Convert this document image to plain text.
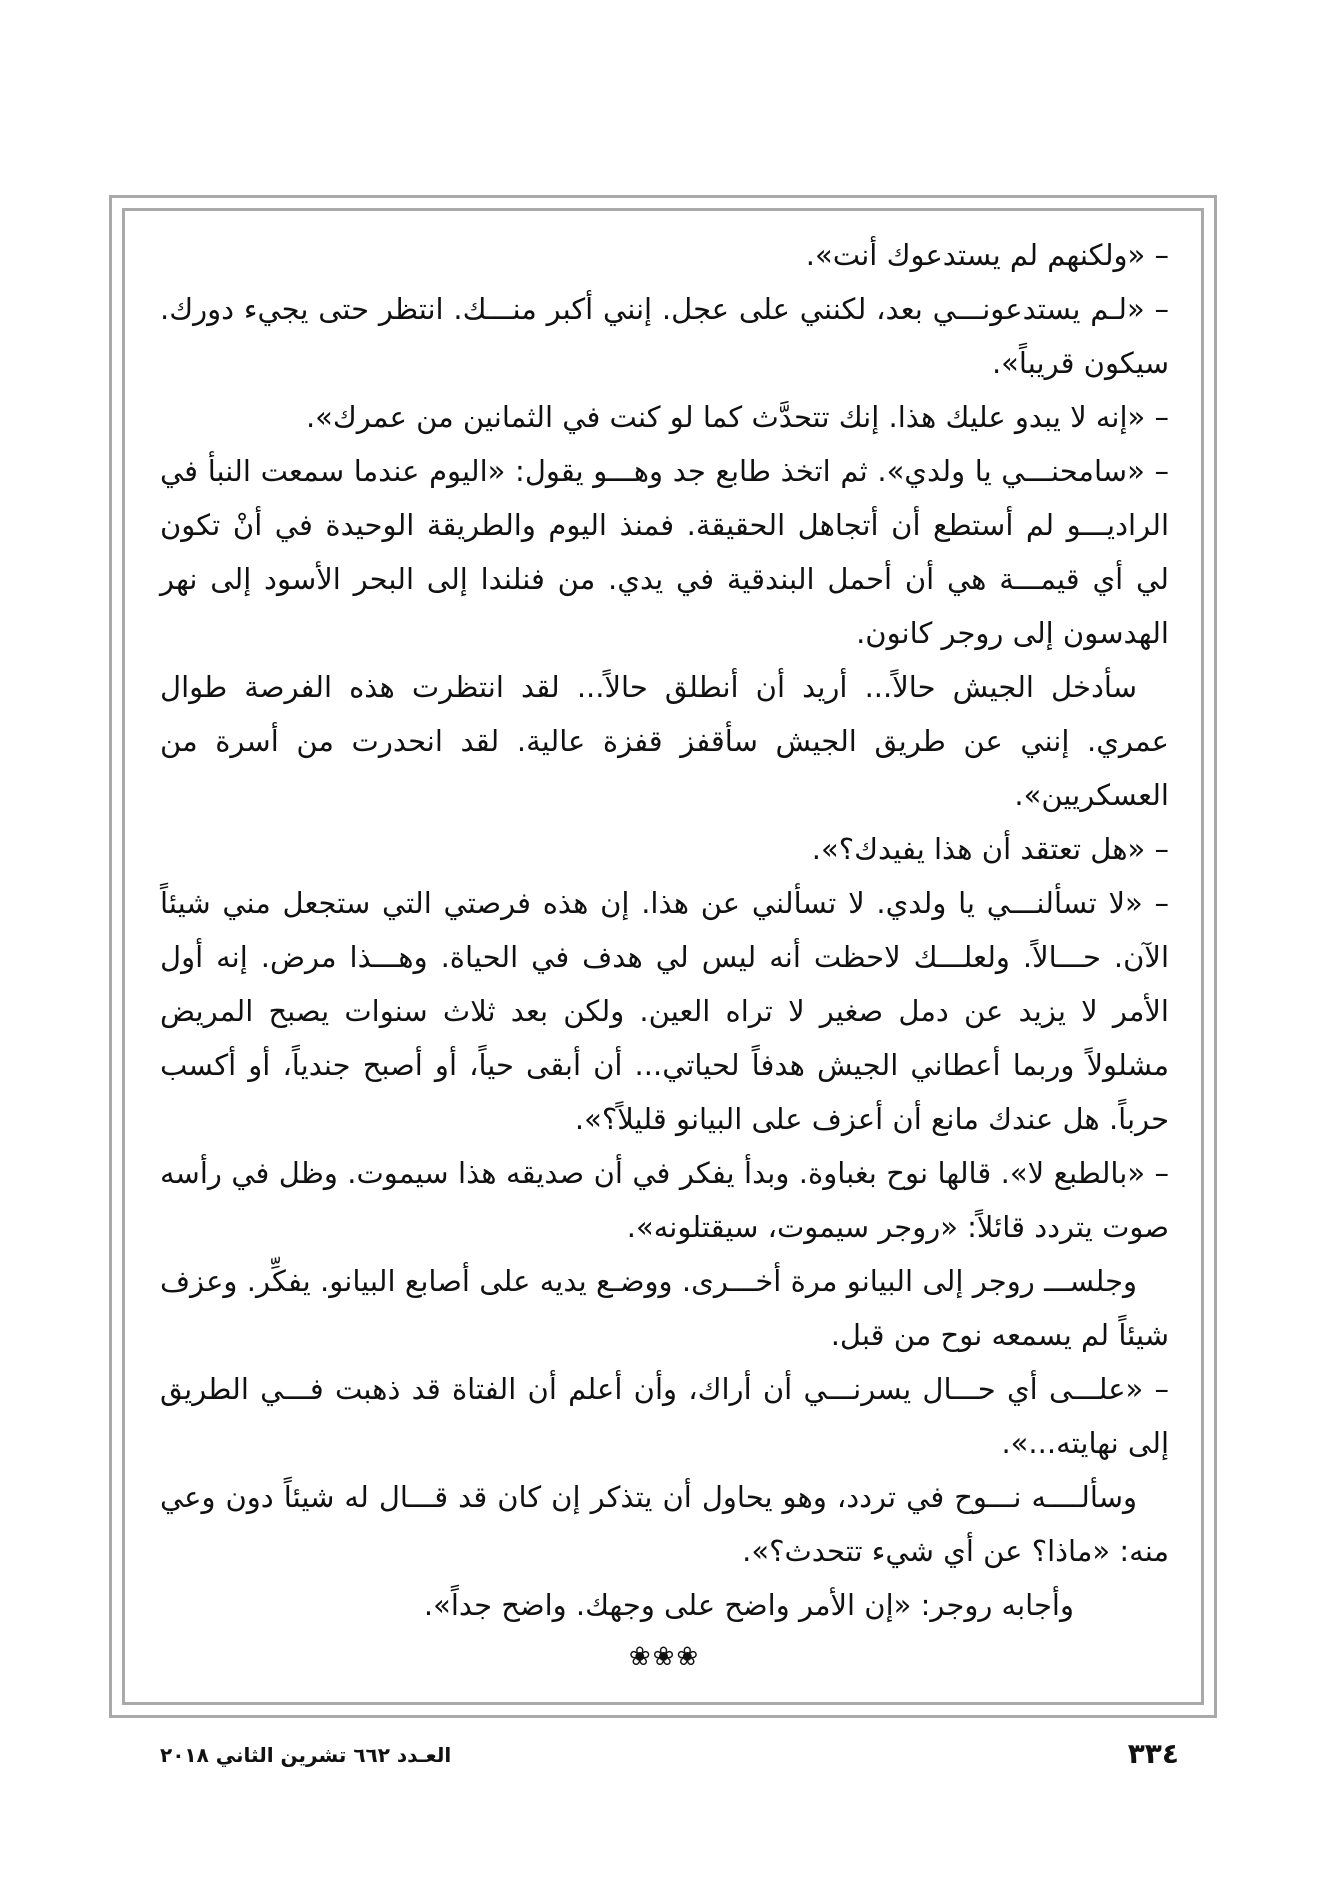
– «ولكنهم لم يستدعوك أنت».

– «لـم يستدعونـــي بعد، لكنني على عجل. إنني أكبر منـــك. انتظر حتى يجيء دورك. سيكون قريباً».

– «إنه لا يبدو عليك هذا. إنك تتحدَّث كما لو كنت في الثمانين من عمرك».

– «سامحنـــي يا ولدي». ثم اتخذ طابع جد وهـــو يقول: «اليوم عندما سمعت النبأ في الراديـــو لم أستطع أن أتجاهل الحقيقة. فمنذ اليوم والطريقة الوحيدة في أنْ تكون لي أي قيمـــة هي أن أحمل البندقية في يدي. من فنلندا إلى البحر الأسود إلى نهر الهدسون إلى روجر كانون.

سأدخل الجيش حالاً... أريد أن أنطلق حالاً... لقد انتظرت هذه الفرصة طوال عمري. إنني عن طريق الجيش سأقفز قفزة عالية. لقد انحدرت من أسرة من العسكريين».

– «هل تعتقد أن هذا يفيدك؟».

– «لا تسألنـــي يا ولدي. لا تسألني عن هذا. إن هذه فرصتي التي ستجعل مني شيئاً الآن. حـــالاً. ولعلـــك لاحظت أنه ليس لي هدف في الحياة. وهـــذا مرض. إنه أول الأمر لا يزيد عن دمل صغير لا تراه العين. ولكن بعد ثلاث سنوات يصبح المريض مشلولاً وربما أعطاني الجيش هدفاً لحياتي... أن أبقى حياً، أو أصبح جندياً، أو أكسب حرباً. هل عندك مانع أن أعزف على البيانو قليلاً؟».

– «بالطبع لا». قالها نوح بغباوة. وبدأ يفكر في أن صديقه هذا سيموت. وظل في رأسه صوت يتردد قائلاً: «روجر سيموت، سيقتلونه».

وجلســـ روجر إلى البيانو مرة أخـــرى. ووضـع يديه على أصابع البيانو. يفكِّر. وعزف شيئاً لم يسمعه نوح من قبل.

– «علـــى أي حـــال يسرنـــي أن أراك، وأن أعلم أن الفتاة قد ذهبت فـــي الطريق إلى نهايته...».

وسألــــه نـــوح في تردد، وهو يحاول أن يتذكر إن كان قد قـــال له شيئاً دون وعي منه: «ماذا؟ عن أي شيء تتحدث؟».

وأجابه روجر: «إن الأمر واضح على وجهك. واضح جداً».

❀❀❀
٣٣٤
العـدد ٦٦٢ تشرين الثاني ٢٠١٨
